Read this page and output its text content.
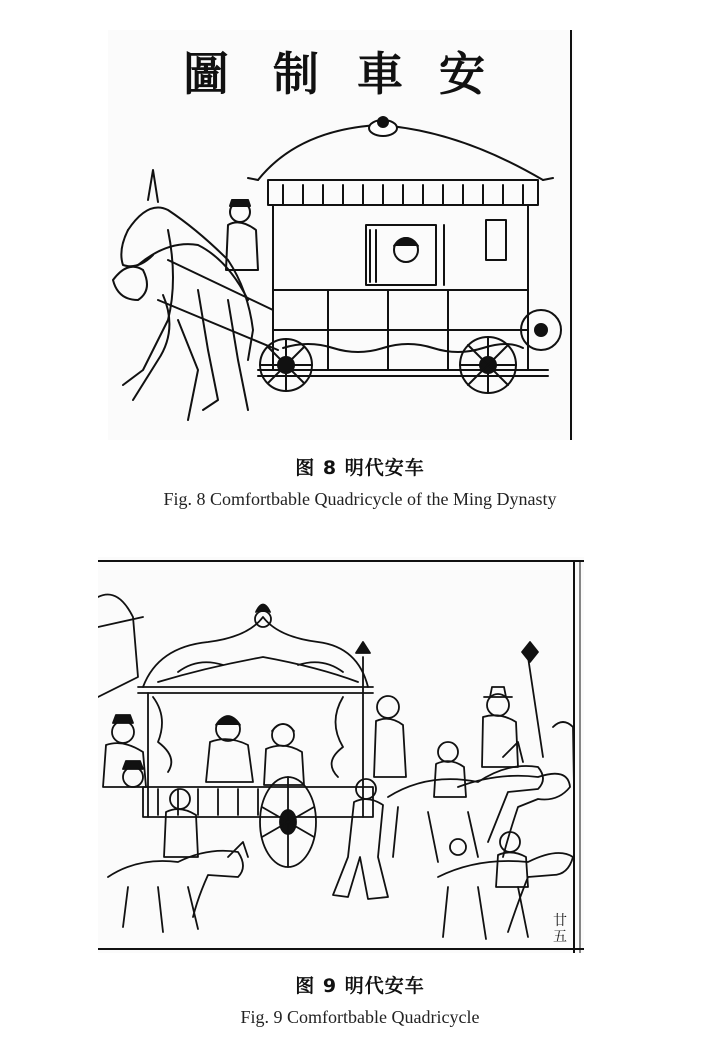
圖 制 車 安
图 8 明代安车
Fig. 8 Comfortbable Quadricycle of the Ming Dynasty
廿
五
图 9 明代安车
Fig. 9 Comfortbable Quadricycle
